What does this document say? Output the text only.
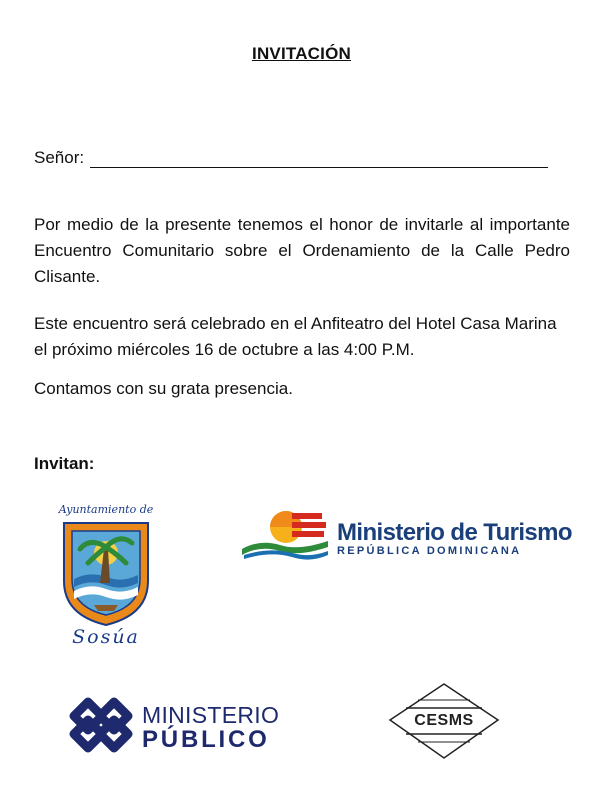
INVITACIÓN
Señor:

Por medio de la presente tenemos el honor de invitarle al importante Encuentro Comunitario sobre el Ordenamiento de la Calle Pedro Clisante.

Este encuentro será celebrado en el Anfiteatro del Hotel Casa Marina el próximo miércoles 16 de octubre a las 4:00 P.M.

Contamos con su grata presencia.

Invitan:
Ayuntamiento de
Sosúa
Ministerio de Turismo
REPÚBLICA DOMINICANA
MINISTERIO
PÚBLICO
CESMS
